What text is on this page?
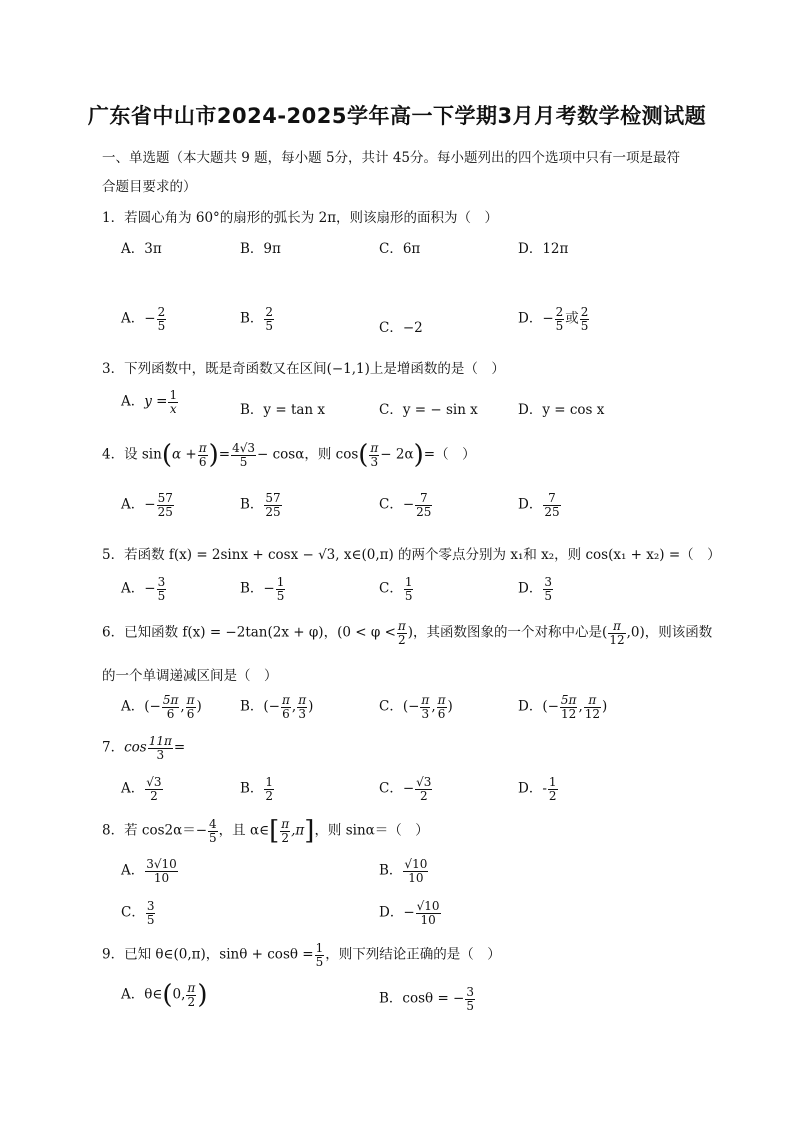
广东省中山市2024-2025学年高一下学期3月月考数学检测试题
一、单选题（本大题共 9 题，每小题 5分，共计 45分。每小题列出的四个选项中只有一项是最符
合题目要求的）
1．若圆心角为 60°的扇形的弧长为 2π，则该扇形的面积为（　）
A．3π	B．9π	C．6π	D．12π
A．− $\frac{2}{5}$	B． $\frac{2}{5}$	C．−2
D．− $\frac{2}{5}$ 或 $\frac{2}{5}$
3．下列函数中，既是奇函数又在区间(−1,1)上是增函数的是（　）
A．$y = \frac{1}{x}$	B．y = tan x	C．y = − sin x	D．y = cos x
4．设 $\sin(\alpha + \frac{\pi}{6}$ )= $\frac{4√3}{5} - \cos\alpha$，则 $\cos( \frac{\pi}{3} - 2\alpha)=$（　）
A．− $\frac{57}{25}$	B． $\frac{57}{25}$	C．− $\frac{7}{25}$	D． $\frac{7}{25}$
5．若函数 f(x) = 2sinx + cosx − √3, x∈(0,π) 的两个零点分别为 x₁和 x₂，则 cos(x₁ + x₂) =（　）
A．− $\frac{3}{5}$	B．− $\frac{1}{5}$	C． $\frac{1}{5}$	D． $\frac{3}{5}$
6．已知函数 f(x) = −2tan(2x + φ)，($0 < \varphi < \frac{\pi}{2}$ )，其函数图象的一个对称中心是( $\frac{\pi}{12} ,0$)，则该函数
的一个单调递减区间是（　）
A．(− $\frac{5\pi}{6}$ , $\frac{\pi}{6}$ )	B．(− $\frac{\pi}{6}$ , $\frac{\pi}{3}$ )	C．(− $\frac{\pi}{3}$ , $\frac{\pi}{6}$ )	D．(− $\frac{5\pi}{12}$ , $\frac{\pi}{12}$ )
7．$\cos \frac{11\pi}{3}$ =
A． $\frac{√3}{2}$	B． $\frac{1}{2}$	C．− $\frac{√3}{2}$	D．- $\frac{1}{2}$
8．若 $\cos 2\alpha=- \frac{4}{5}$ ，且 α∈[ $\frac{\pi}{2} ,\pi$]，则 sinα＝（　）
A． $\frac{3√10}{10}$	B． $\frac{√10}{10}$
C． $\frac{3}{5}$	D．− $\frac{√10}{10}$
9．已知 θ∈(0,π)，$\sin\theta + \cos\theta = \frac{1}{5}$ ，则下列结论正确的是（　）
A．θ∈(0, $\frac{\pi}{2}$ )	B．cosθ = − $\frac{3}{5}$
